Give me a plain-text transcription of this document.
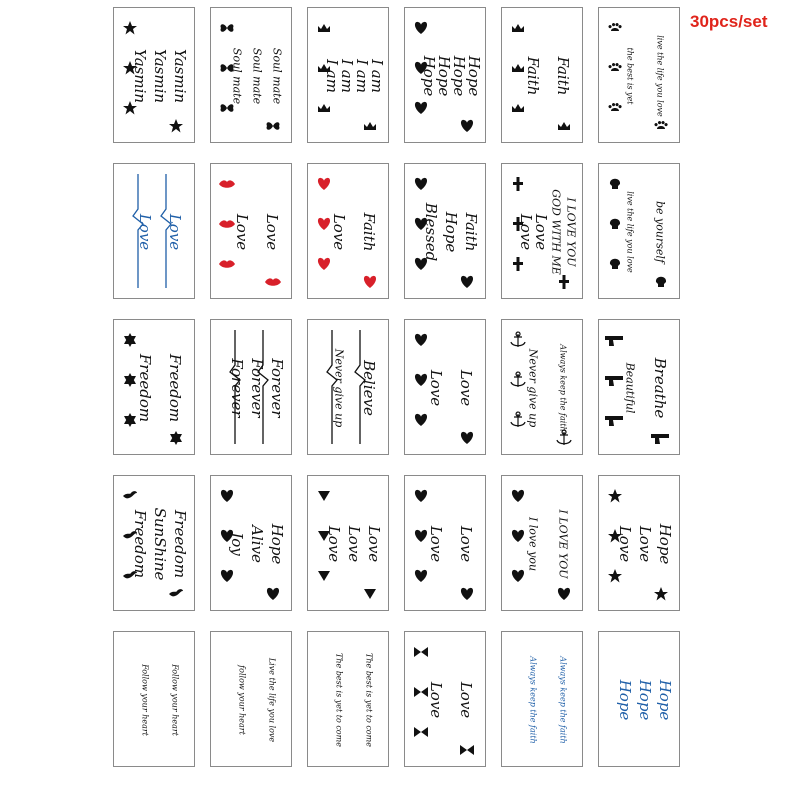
30pcs/set
Yasmin Yasmin Yasmin	Soul mate Soul mate Soul mate	I am
I am
I am
I am Hope
Hope
Hope
Hope	Faith Faith	the best is yet	live the life you love
Love Love	Love Love	Love Faith	Blessed Hope Faith Love
Love GOD WITH ME I LOVE YOU	live the life you love be yourself
Freedom Freedom	Forever Forever Forever	Never give up Believe	Love Love	Never give up Always keep the faith	Beautiful Breathe
Freedom SunShine Freedom	Joy Alive Hope	Love Love Love	Love Love	I love you I LOVE YOU	Love Love Hope
Follow your heart	Follow your heart	follow your heart	Live the life you love	The best is yet to come	The best is yet to come	Love Love	Always keep the faith	Always keep the faith	Hope Hope Hope
